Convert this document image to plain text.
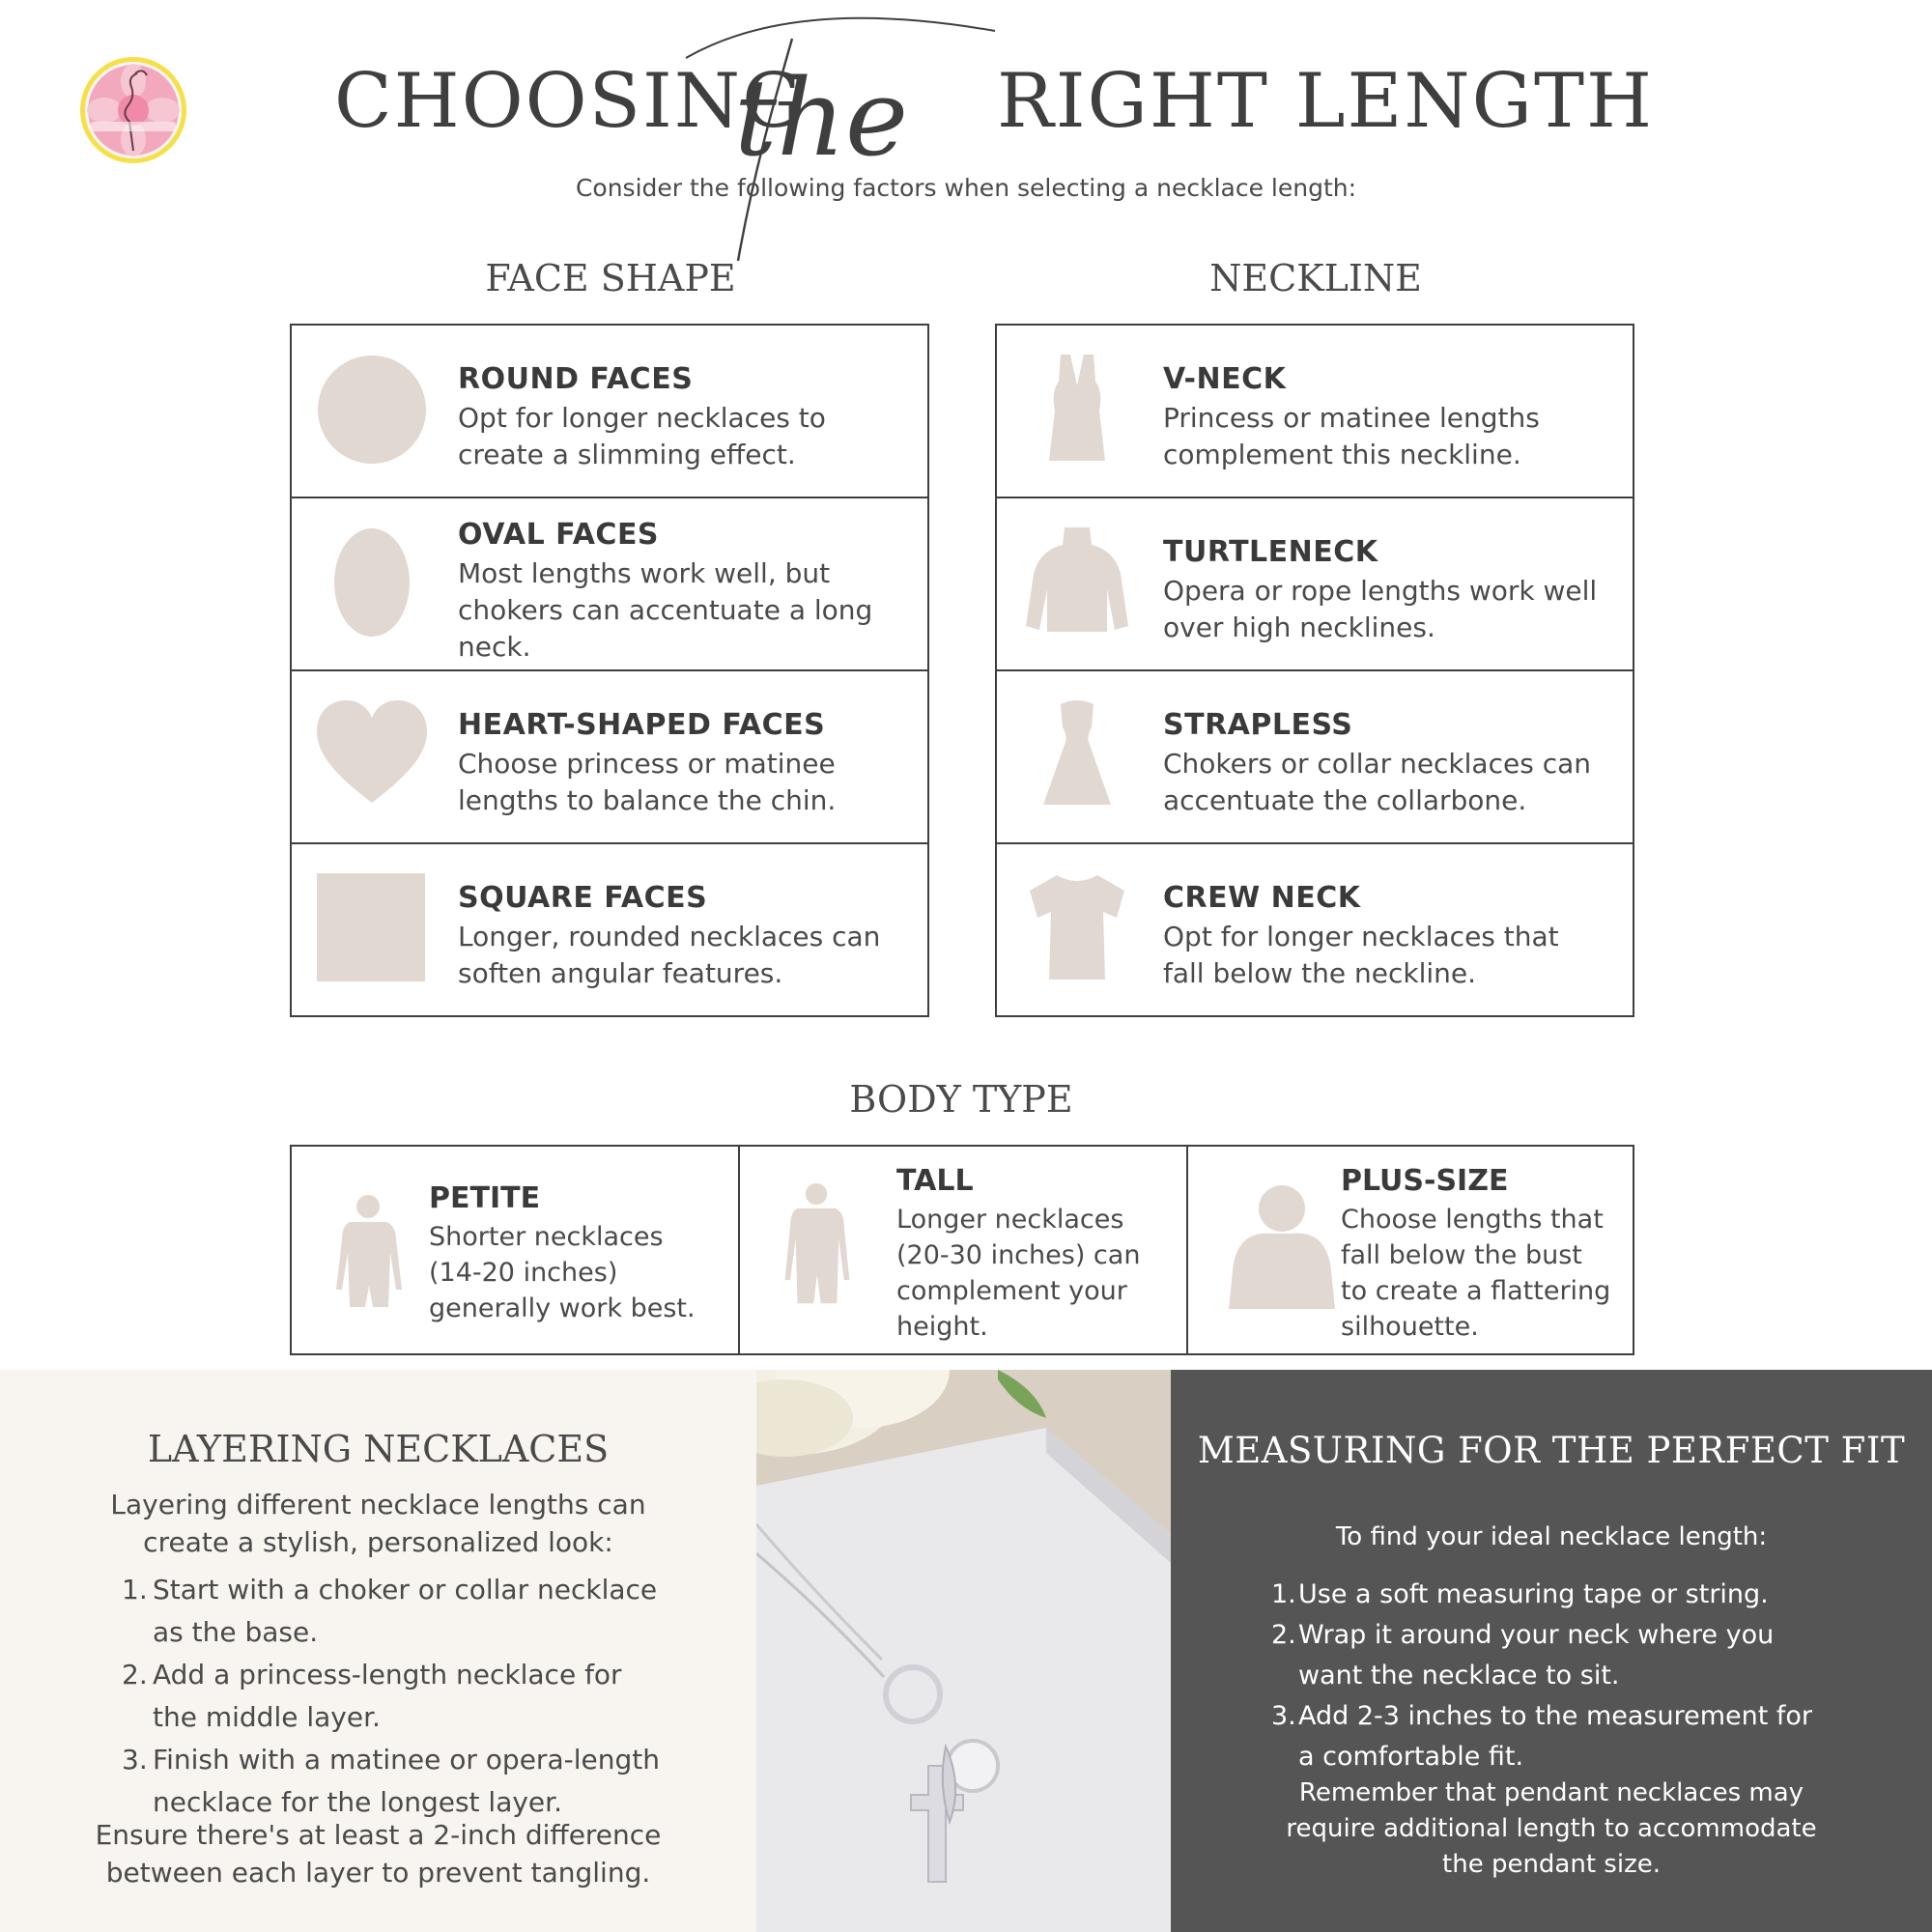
CHOOSING
the RIGHT LENGTH
Consider the following factors when selecting a necklace length:
FACE SHAPE
ROUND FACES
Opt for longer necklaces to
create a slimming effect.
OVAL FACES
Most lengths work well, but
chokers can accentuate a long
neck.
HEART-SHAPED FACES
Choose princess or matinee
lengths to balance the chin.
SQUARE FACES
Longer, rounded necklaces can
soften angular features.
NECKLINE
V-NECK
Princess or matinee lengths
complement this neckline.
TURTLENECK
Opera or rope lengths work well
over high necklines.
STRAPLESS
Chokers or collar necklaces can
accentuate the collarbone.
CREW NECK
Opt for longer necklaces that
fall below the neckline.
BODY TYPE
PETITE
Shorter necklaces
(14-20 inches)
generally work best.
TALL
Longer necklaces
(20-30 inches) can
complement your
height.
PLUS-SIZE
Choose lengths that
fall below the bust
to create a flattering
silhouette.
LAYERING NECKLACES
Layering different necklace lengths can
create a stylish, personalized look:
1. Start with a choker or collar necklace
as the base.
2. Add a princess-length necklace for
the middle layer.
3. Finish with a matinee or opera-length
necklace for the longest layer.
Ensure there's at least a 2-inch difference
between each layer to prevent tangling.
MEASURING FOR THE PERFECT FIT
To find your ideal necklace length:
1. Use a soft measuring tape or string.
2. Wrap it around your neck where you
want the necklace to sit.
3. Add 2-3 inches to the measurement for
a comfortable fit.
Remember that pendant necklaces may
require additional length to accommodate
the pendant size.
